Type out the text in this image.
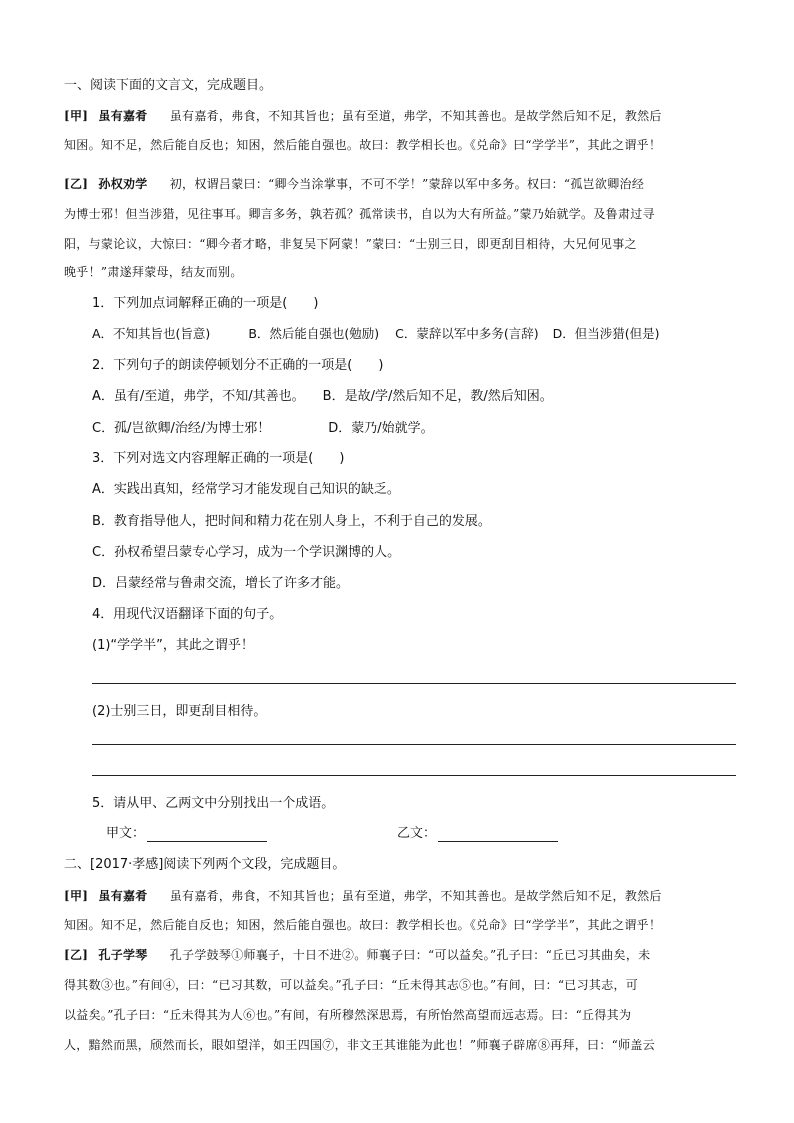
一、阅读下面的文言文，完成题目。
[甲] 虽有嘉肴 虽有嘉肴，弗食，不知其旨也；虽有至道，弗学，不知其善也。是故学然后知不足，教然后
知困。知不足，然后能自反也；知困，然后能自强也。故曰：教学相长也。《兑命》曰“学学半”，其此之谓乎！
[乙] 孙权劝学 初，权谓吕蒙曰：“卿今当涂掌事，不可不学！”蒙辞以军中多务。权曰：“孤岂欲卿治经
为博士邪！但当涉猎，见往事耳。卿言多务，孰若孤？孤常读书，自以为大有所益。”蒙乃始就学。及鲁肃过寻
阳，与蒙论议，大惊曰：“卿今者才略，非复吴下阿蒙！”蒙曰：“士别三日，即更刮目相待，大兄何见事之
晚乎！”肃遂拜蒙母，结友而别。
1．下列加点词解释正确的一项是(　　)
A．不知其旨也(旨意)	B．然后能自强也(勉励) C．蒙辞以军中多务(言辞) D．但当涉猎(但是)
2．下列句子的朗读停顿划分不正确的一项是(　　)
A．虽有/至道，弗学，不知/其善也。 B．是故/学/然后知不足，教/然后知困。
C．孤/岂欲卿/治经/为博士邪！	D．蒙乃/始就学。
3．下列对选文内容理解正确的一项是(　　)
A．实践出真知，经常学习才能发现自己知识的缺乏。
B．教育指导他人，把时间和精力花在别人身上，不利于自己的发展。
C．孙权希望吕蒙专心学习，成为一个学识渊博的人。
D．吕蒙经常与鲁肃交流，增长了许多才能。
4．用现代汉语翻译下面的句子。
(1)“学学半”，其此之谓乎！
(2)士别三日，即更刮目相待。
5．请从甲、乙两文中分别找出一个成语。
甲文：	乙文：
二、[2017·孝感]阅读下列两个文段，完成题目。
[甲] 虽有嘉肴 虽有嘉肴，弗食，不知其旨也；虽有至道，弗学，不知其善也。是故学然后知不足，教然后
知困。知不足，然后能自反也；知困，然后能自强也。故曰：教学相长也。《兑命》曰“学学半”，其此之谓乎！
[乙] 孔子学琴 孔子学鼓琴①师襄子，十日不进②。师襄子曰：“可以益矣。”孔子曰：“丘已习其曲矣，未
得其数③也。”有间④，曰：“已习其数，可以益矣。”孔子曰：“丘未得其志⑤也。”有间，曰：“已习其志，可
以益矣。”孔子曰：“丘未得其为人⑥也。”有间，有所穆然深思焉，有所怡然高望而远志焉。曰：“丘得其为
人，黯然而黑，颀然而长，眼如望洋，如王四国⑦，非文王其谁能为此也！”师襄子辟席⑧再拜，曰：“师盖云
